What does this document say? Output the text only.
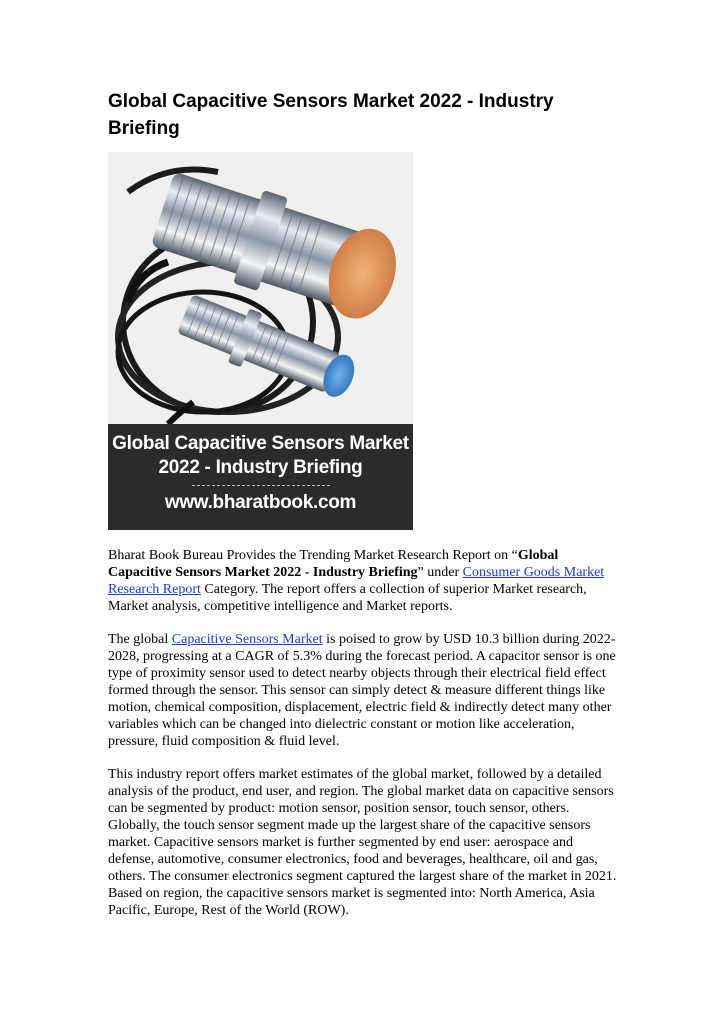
Global Capacitive Sensors Market 2022 - Industry Briefing
Global Capacitive Sensors Market
2022 - Industry Briefing
www.bharatbook.com

Bharat Book Bureau Provides the Trending Market Research Report on “Global Capacitive Sensors Market 2022 - Industry Briefing” under Consumer Goods Market Research Report Category. The report offers a collection of superior Market research, Market analysis, competitive intelligence and Market reports.

The global Capacitive Sensors Market is poised to grow by USD 10.3 billion during 2022-2028, progressing at a CAGR of 5.3% during the forecast period. A capacitor sensor is one type of proximity sensor used to detect nearby objects through their electrical field effect formed through the sensor. This sensor can simply detect & measure different things like motion, chemical composition, displacement, electric field & indirectly detect many other variables which can be changed into dielectric constant or motion like acceleration, pressure, fluid composition & fluid level.

This industry report offers market estimates of the global market, followed by a detailed analysis of the product, end user, and region. The global market data on capacitive sensors can be segmented by product: motion sensor, position sensor, touch sensor, others. Globally, the touch sensor segment made up the largest share of the capacitive sensors market. Capacitive sensors market is further segmented by end user: aerospace and defense, automotive, consumer electronics, food and beverages, healthcare, oil and gas, others. The consumer electronics segment captured the largest share of the market in 2021. Based on region, the capacitive sensors market is segmented into: North America, Asia Pacific, Europe, Rest of the World (ROW).
